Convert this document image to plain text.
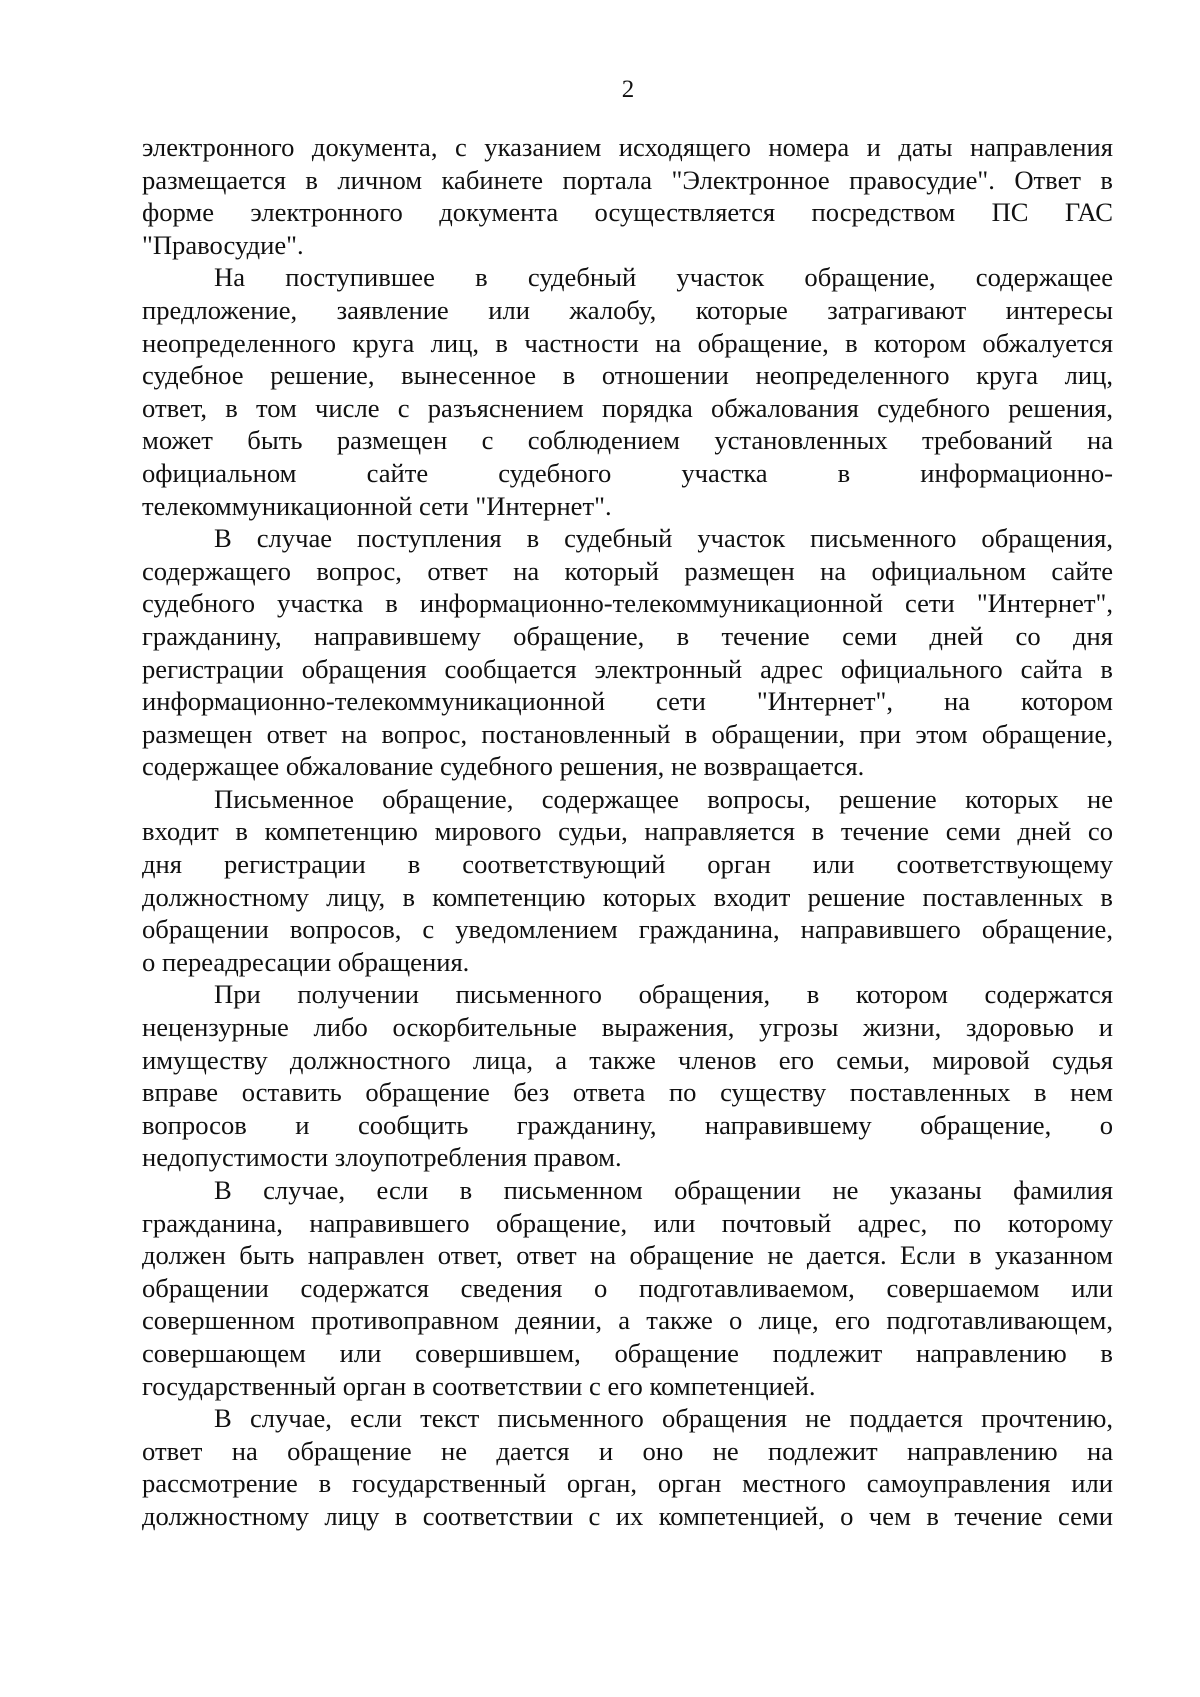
2
электронного документа, с указанием исходящего номера и даты направления
размещается в личном кабинете портала "Электронное правосудие". Ответ в
форме электронного документа осуществляется посредством ПС ГАС
"Правосудие".
На поступившее в судебный участок обращение, содержащее
предложение, заявление или жалобу, которые затрагивают интересы
неопределенного круга лиц, в частности на обращение, в котором обжалуется
судебное решение, вынесенное в отношении неопределенного круга лиц,
ответ, в том числе с разъяснением порядка обжалования судебного решения,
может быть размещен с соблюдением установленных требований на
официальном сайте судебного участка в информационно-
телекоммуникационной сети "Интернет".
В случае поступления в судебный участок письменного обращения,
содержащего вопрос, ответ на который размещен на официальном сайте
судебного участка в информационно-телекоммуникационной сети "Интернет",
гражданину, направившему обращение, в течение семи дней со дня
регистрации обращения сообщается электронный адрес официального сайта в
информационно-телекоммуникационной сети "Интернет", на котором
размещен ответ на вопрос, постановленный в обращении, при этом обращение,
содержащее обжалование судебного решения, не возвращается.
Письменное обращение, содержащее вопросы, решение которых не
входит в компетенцию мирового судьи, направляется в течение семи дней со
дня регистрации в соответствующий орган или соответствующему
должностному лицу, в компетенцию которых входит решение поставленных в
обращении вопросов, с уведомлением гражданина, направившего обращение,
о переадресации обращения.
При получении письменного обращения, в котором содержатся
нецензурные либо оскорбительные выражения, угрозы жизни, здоровью и
имуществу должностного лица, а также членов его семьи, мировой судья
вправе оставить обращение без ответа по существу поставленных в нем
вопросов и сообщить гражданину, направившему обращение, о
недопустимости злоупотребления правом.
В случае, если в письменном обращении не указаны фамилия
гражданина, направившего обращение, или почтовый адрес, по которому
должен быть направлен ответ, ответ на обращение не дается. Если в указанном
обращении содержатся сведения о подготавливаемом, совершаемом или
совершенном противоправном деянии, а также о лице, его подготавливающем,
совершающем или совершившем, обращение подлежит направлению в
государственный орган в соответствии с его компетенцией.
В случае, если текст письменного обращения не поддается прочтению,
ответ на обращение не дается и оно не подлежит направлению на
рассмотрение в государственный орган, орган местного самоуправления или
должностному лицу в соответствии с их компетенцией, о чем в течение семи
